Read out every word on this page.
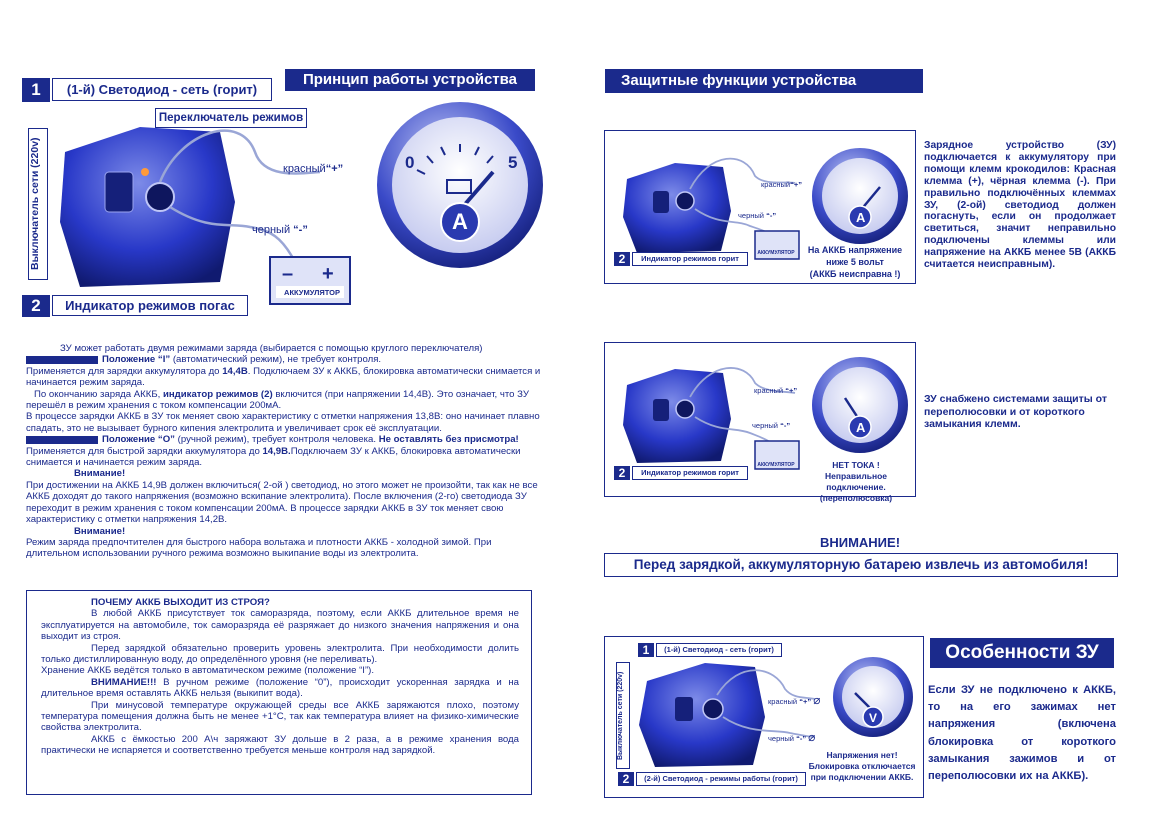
Принцип работы устройства
– +
1	(1-й) Светодиод - сеть (горит)
Переключатель режимов
Выключатель сети (220v)	красный“+”
черный “-”
АККУМУЛЯТОР
0	5
A
2	Индикатор режимов погас
ЗУ может работать двумя режимами заряда (выбирается с помощью круглого переключателя)
Положение “I” (автоматический режим), не требует контроля.
Применяется для зарядки аккумулятора до 14,4В. Подключаем ЗУ к АККБ, блокировка автоматически снимается и начинается режим заряда.
По окончанию заряда АККБ, индикатор режимов (2) включится (при напряжении 14,4В). Это означает, что ЗУ перешёл в режим хранения с током компенсации 200мА.
В процессе зарядки АККБ в ЗУ ток меняет свою характеристику с отметки напряжения 13,8В: оно начинает плавно спадать, это не вызывает бурного кипения электролита и увеличивает срок её эксплуатации.
Положение “О” (ручной режим), требует контроля человека. Не оставлять без присмотра!
Применяется для быстрой зарядки аккумулятора до 14,9В.Подключаем ЗУ к АККБ, блокировка автоматически снимается и начинается режим заряда.
Внимание!
При достижении на АККБ 14,9В должен включиться( 2-ой ) светодиод, но этого может не произойти, так как не все АККБ доходят до такого напряжения (возможно вскипание электролита). После включения (2-го) светодиода ЗУ переходит в режим хранения с током компенсации 200мА. В процессе зарядки АККБ в ЗУ ток меняет свою характеристику с отметки напряжения 14,2В.
Внимание!
Режим заряда предпочтителен для быстрого набора вольтажа и плотности АККБ - холодной зимой. При длительном использовании ручного режима возможно выкипание воды из электролита.
ПОЧЕМУ АККБ ВЫХОДИТ ИЗ СТРОЯ?
В любой АККБ присутствует ток саморазряда, поэтому, если АККБ длительное время не эксплуатируется на автомобиле, ток саморазряда её разряжает до низкого значения напряжения и она выходит из строя.
Перед зарядкой обязательно проверить уровень электролита. При необходимости долить только дистиллированную воду, до определённого уровня (не переливать).
Хранение АККБ ведётся только в автоматическом режиме (положение “I”).
ВНИМАНИЕ!!! В ручном режиме (положение “0”), происходит ускоренная зарядка и на длительное время оставлять АККБ нельзя (выкипит вода).
При минусовой температуре окружающей среды все АККБ заряжаются плохо, поэтому температура помещения должна быть не менее +1°С, так как температура влияет на физико-химические свойства электролита.
АККБ с ёмкостью 200 А\ч заряжают ЗУ дольше в 2 раза, а в режиме хранения вода практически не испаряется и соответственно требуется меньше контроля над зарядкой.
Защитные функции устройства
A
красный“+”
черный “-”
АККУМУЛЯТОР
2	Индикатор режимов горит
На АККБ напряжение
ниже 5 вольт
(АККБ неисправна !)
Зарядное устройство (ЗУ) подключается к аккумулятору при помощи клемм крокодилов: Красная клемма (+), чёрная клемма (-). При правильно подключённых клеммах ЗУ, (2-ой) светодиод должен погаснуть, если он продолжает светиться, значит неправильно подключены клеммы или напряжение на АККБ менее 5В (АККБ считается неисправным).
A
красный “+”
черный “-”
АККУМУЛЯТОР
2	Индикатор режимов горит
НЕТ ТОКА !
Неправильное подключение.
(переполюсовка)
ЗУ снабжено системами защиты от переполюсовки и от короткого замыкания клемм.
ВНИМАНИЕ!
Перед зарядкой, аккумуляторную батарею извлечь из автомобиля!
V
1	(1-й) Светодиод - сеть (горит)
Выключатель сети (220v)	красный “+” ⌀
черный “-” ⌀
2	(2-й) Светодиод - режимы работы (горит)
Напряжения нет!
Блокировка отключается
при подключении АККБ.
Особенности ЗУ
Если ЗУ не подключено к АККБ, то на его зажимах нет напряжения (включена блокировка от короткого замыкания зажимов и от переполюсовки их на АККБ).
